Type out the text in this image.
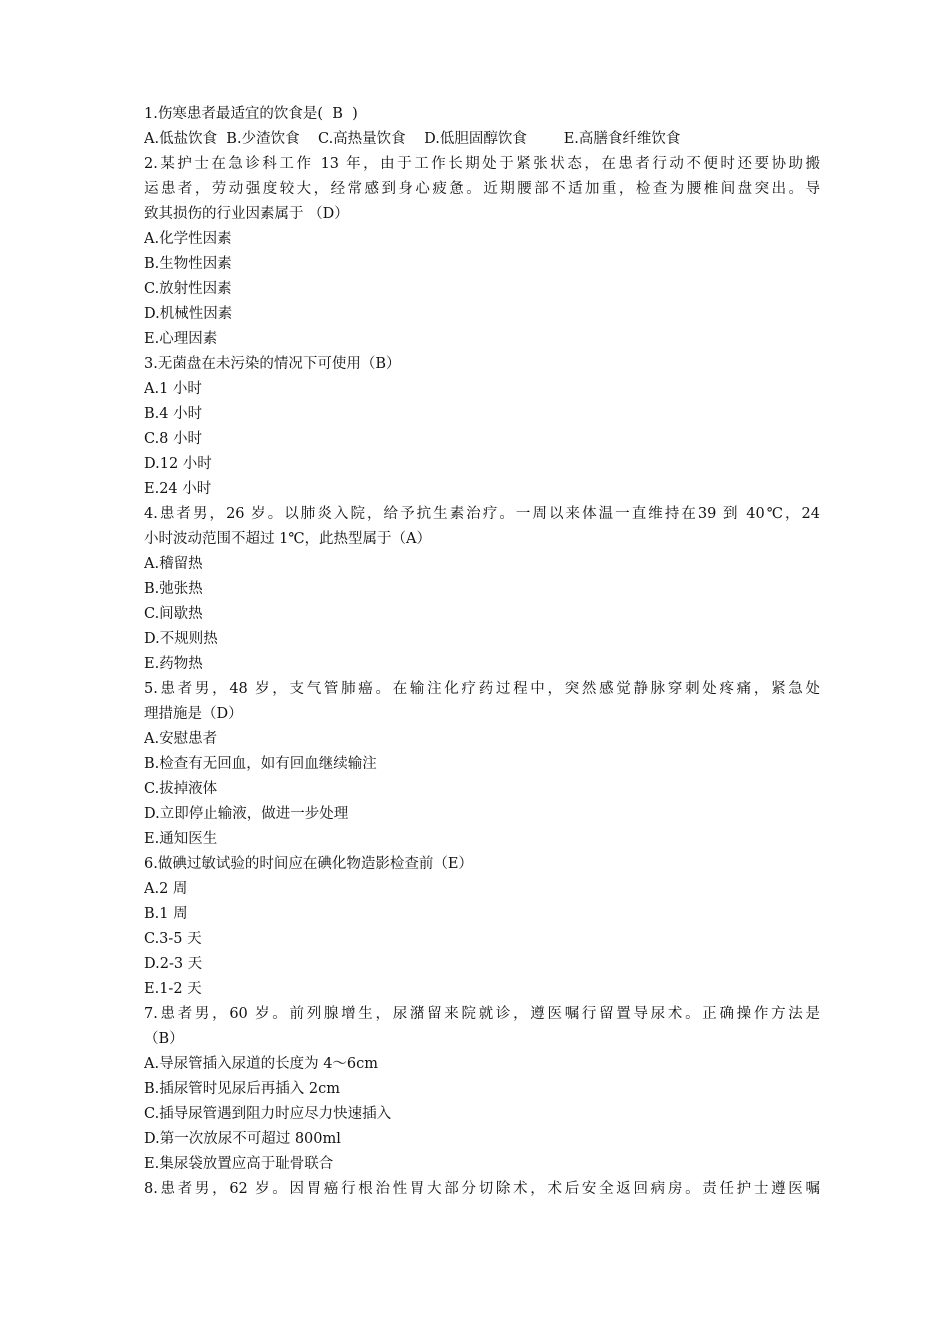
1.伤寒患者最适宜的饮食是(  B  )
A.低盐饮食  B.少渣饮食    C.高热量饮食    D.低胆固醇饮食        E.高膳食纤维饮食
2.某护士在急诊科工作 13 年，由于工作长期处于紧张状态，在患者行动不便时还要协助搬
运患者，劳动强度较大，经常感到身心疲惫。近期腰部不适加重，检查为腰椎间盘突出。导
致其损伤的行业因素属于 （D）
A.化学性因素
B.生物性因素
C.放射性因素
D.机械性因素
E.心理因素
3.无菌盘在未污染的情况下可使用（B）
A.1 小时
B.4 小时
C.8 小时
D.12 小时
E.24 小时
4.患者男，26 岁。以肺炎入院，给予抗生素治疗。一周以来体温一直维持在39 到 40℃，24
小时波动范围不超过 1℃，此热型属于（A）
A.稽留热
B.弛张热
C.间歇热
D.不规则热
E.药物热
5.患者男，48 岁，支气管肺癌。在输注化疗药过程中，突然感觉静脉穿刺处疼痛，紧急处
理措施是（D）
A.安慰患者
B.检查有无回血，如有回血继续输注
C.拔掉液体
D.立即停止输液，做进一步处理
E.通知医生
6.做碘过敏试验的时间应在碘化物造影检查前（E）
A.2 周
B.1 周
C.3-5 天
D.2-3 天
E.1-2 天
7.患者男，60 岁。前列腺增生，尿潴留来院就诊，遵医嘱行留置导尿术。正确操作方法是
（B）
A.导尿管插入尿道的长度为 4～6cm
B.插尿管时见尿后再插入 2cm
C.插导尿管遇到阻力时应尽力快速插入
D.第一次放尿不可超过 800ml
E.集尿袋放置应高于耻骨联合
8.患者男，62 岁。因胃癌行根治性胃大部分切除术，术后安全返回病房。责任护士遵医嘱
